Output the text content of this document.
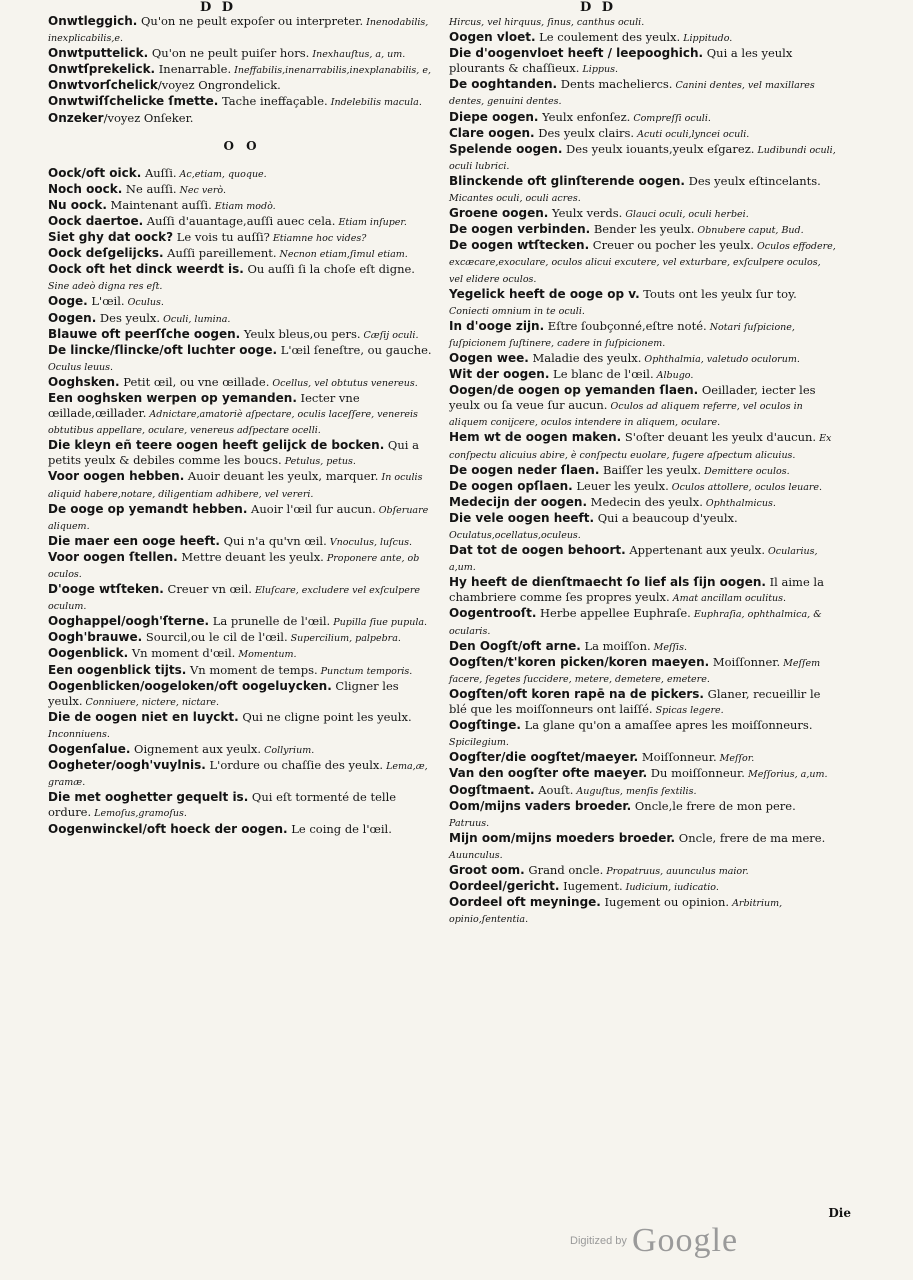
D D	D D

Onwtleggich. Qu'on ne peult expoſer ou interpreter. Inenodabilis, inexplicabilis,e.

Onwtputtelick. Qu'on ne peult puiſer hors. Inexhauſtus, a, um.

Onwtſprekelick. Inenarrable. Ineffabilis,inenarrabilis,inexplanabilis, e,

Onwtvorſchelick/voyez Ongrondelick.

Onwtwiſſchelicke ſmette. Tache ineffaçable. Indelebilis macula.

Onzeker/voyez Onſeker.

O O

Oock/oft oick. Auſſi. Ac,etiam, quoque.

Noch oock. Ne auſſi. Nec verò.

Nu oock. Maintenant auſſi. Etiam modò.

Oock daertoe. Auſſi d'auantage,auſſi auec cela. Etiam inſuper.

Siet ghy dat oock? Le vois tu auſſi? Etiamne hoc vides?

Oock deſgelijcks. Auſſi pareillement. Necnon etiam,ſimul etiam.

Oock oft het dinck weerdt is. Ou auſſi ſi la choſe eſt digne. Sine adeò digna res eſt.

Ooge. L'œil. Oculus.

Oogen. Des yeulx. Oculi, lumina.

Blauwe oft peerſſche oogen. Yeulx bleus,ou pers. Cæſij oculi.

De lincke/ſlincke/oft luchter ooge. L'œil ſeneſtre, ou gauche. Oculus leuus.

Ooghsken. Petit œil, ou vne œillade. Ocellus, vel obtutus venereus.

Een ooghsken werpen op yemanden. Iecter vne œillade,œillader. Adnictare,amatoriè aſpectare, oculis laceſſere, venereis obtutibus appellare, oculare, venereus adſpectare ocelli.

Die kleyn eñ teere oogen heeft gelijck de bocken. Qui a petits yeulx & debiles comme les boucs. Petulus, petus.

Voor oogen hebben. Auoir deuant les yeulx, marquer. In oculis aliquid habere,notare, diligentiam adhibere, vel vereri.

De ooge op yemandt hebben. Auoir l'œil ſur aucun. Obſeruare aliquem.

Die maer een ooge heeft. Qui n'a qu'vn œil. Vnoculus, luſcus.

Voor oogen ſtellen. Mettre deuant les yeulx. Proponere ante, ob oculos.

D'ooge wtſteken. Creuer vn œil. Eluſcare, excludere vel exſculpere oculum.

Ooghappel/oogh'ſterne. La prunelle de l'œil. Pupilla ſiue pupula.

Oogh'brauwe. Sourcil,ou le cil de l'œil. Supercilium, palpebra.

Oogenblick. Vn moment d'œil. Momentum.

Een oogenblick tijts. Vn moment de temps. Punctum temporis.

Oogenblicken/oogeloken/oft oogeluycken. Cligner les yeulx. Conniuere, nictere, nictare.

Die de oogen niet en luyckt. Qui ne cligne point les yeulx. Inconniuens.

Oogenſalue. Oignement aux yeulx. Collyrium.

Oogheter/oogh'vuylnis. L'ordure ou chaſſie des yeulx. Lema,æ, gramæ.

Die met ooghetter gequelt is. Qui eſt tormenté de telle ordure. Lemoſus,gramoſus.

Oogenwinckel/oft hoeck der oogen. Le coing de l'œil.

Hircus, vel hirquus, ſinus, canthus oculi.

Oogen vloet. Le coulement des yeulx. Lippitudo.

Die d'oogenvloet heeft / leepooghich. Qui a les yeulx plourants & chaſſieux. Lippus.

De ooghtanden. Dents macheliercs. Canini dentes, vel maxillares dentes, genuini dentes.

Diepe oogen. Yeulx enfonſez. Compreſſi oculi.

Clare oogen. Des yeulx clairs. Acuti oculi,lyncei oculi.

Spelende oogen. Des yeulx iouants,yeulx eſgarez. Ludibundi oculi, oculi lubrici.

Blinckende oft glinſterende oogen. Des yeulx eſtincelants. Micantes oculi, oculi acres.

Groene oogen. Yeulx verds. Glauci oculi, oculi herbei.

De oogen verbinden. Bender les yeulx. Obnubere caput, Bud.

De oogen wtſtecken. Creuer ou pocher les yeulx. Oculos effodere, excæcare,exoculare, oculos alicui excutere, vel exturbare, exſculpere oculos, vel elidere oculos.

Yegelick heeft de ooge op v. Touts ont les yeulx ſur toy. Coniecti omnium in te oculi.

In d'ooge zijn. Eſtre ſoubçonné,eſtre noté. Notari ſuſpicione, ſuſpicionem ſuſtinere, cadere in ſuſpicionem.

Oogen wee. Maladie des yeulx. Ophthalmia, valetudo oculorum.

Wit der oogen. Le blanc de l'œil. Albugo.

Oogen/de oogen op yemanden ſlaen. Oeillader, iecter les yeulx ou ſa veue ſur aucun. Oculos ad aliquem referre, vel oculos in aliquem conijcere, oculos intendere in aliquem, oculare.

Hem wt de oogen maken. S'oſter deuant les yeulx d'aucun. Ex conſpectu alicuius abire, è conſpectu euolare, fugere aſpectum alicuius.

De oogen neder ſlaen. Baiſſer les yeulx. Demittere oculos.

De oogen opſlaen. Leuer les yeulx. Oculos attollere, oculos leuare.

Medecijn der oogen. Medecin des yeulx. Ophthalmicus.

Die vele oogen heeft. Qui a beaucoup d'yeulx. Oculatus,ocellatus,oculeus.

Dat tot de oogen behoort. Appertenant aux yeulx. Ocularius, a,um.

Hy heeft de dienſtmaecht ſo lief als ſijn oogen. Il aime la chambriere comme ſes propres yeulx. Amat ancillam oculitus.

Oogentrooſt. Herbe appellee Euphraſe. Euphraſia, ophthalmica, & ocularis.

Den Oogſt/oft arne. La moiſſon. Meſſis.

Oogſten/t'koren picken/koren maeyen. Moiſſonner. Meſſem facere, ſegetes ſuccidere, metere, demetere, emetere.

Oogſten/oft koren rapē na de pickers. Glaner, recueillir le blé que les moiſſonneurs ont laiſſé. Spicas legere.

Oogſtinge. La glane qu'on a amaſſee apres les moiſſonneurs. Spicilegium.

Oogſter/die oogſtet/maeyer. Moiſſonneur. Meſſor.

Van den oogſter ofte maeyer. Du moiſſonneur. Meſſorius, a,um.

Oogſtmaent. Aouſt. Auguſtus, menſis ſextilis.

Oom/mijns vaders broeder. Oncle,le frere de mon pere. Patruus.

Mijn oom/mijns moeders broeder. Oncle, frere de ma mere. Auunculus.

Groot oom. Grand oncle. Propatruus, auunculus maior.

Oordeel/gericht. Iugement. Iudicium, iudicatio.

Oordeel oft meyninge. Iugement ou opinion. Arbitrium, opinio,ſententia.

Die
Digitized by Google
